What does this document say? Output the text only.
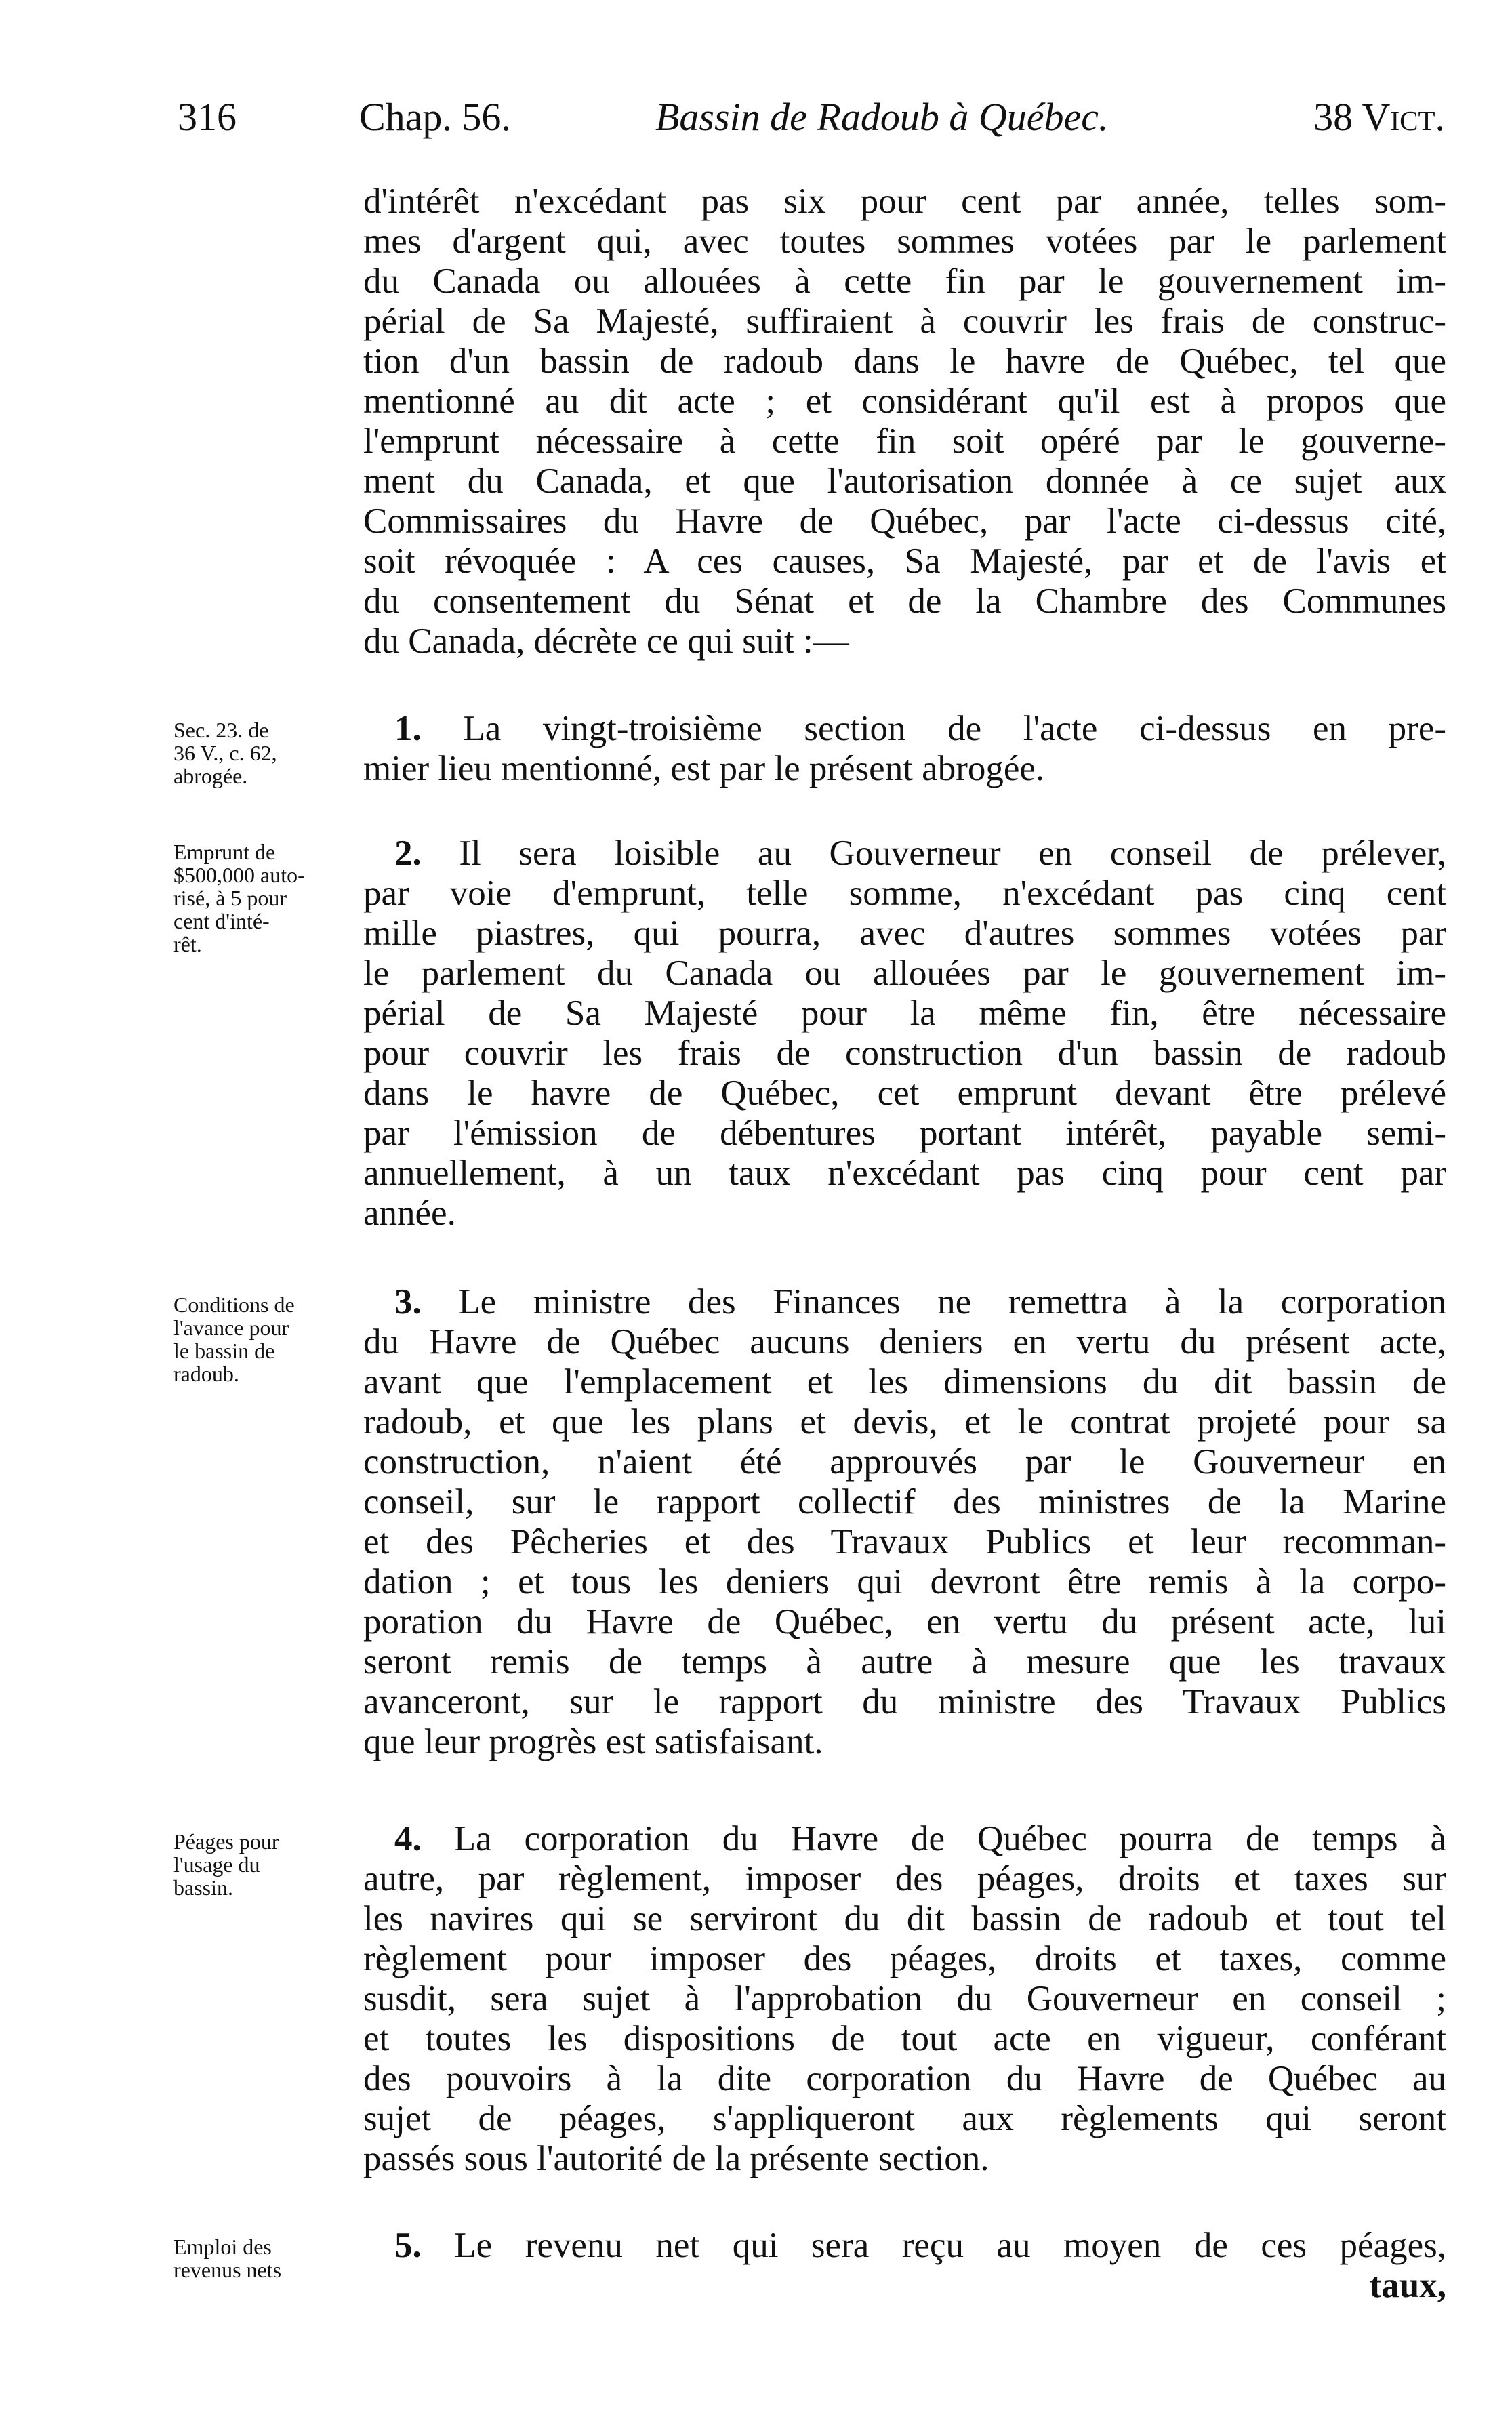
316	Chap. 56.	Bassin de Radoub à Québec.	38 Vict.
d'intérêt n'excédant pas six pour cent par année, telles som-
mes d'argent qui, avec toutes sommes votées par le parlement
du Canada ou allouées à cette fin par le gouvernement im-
périal de Sa Majesté, suffiraient à couvrir les frais de construc-
tion d'un bassin de radoub dans le havre de Québec, tel que
mentionné au dit acte ; et considérant qu'il est à propos que
l'emprunt nécessaire à cette fin soit opéré par le gouverne-
ment du Canada, et que l'autorisation donnée à ce sujet aux
Commissaires du Havre de Québec, par l'acte ci-dessus cité,
soit révoquée : A ces causes, Sa Majesté, par et de l'avis et
du consentement du Sénat et de la Chambre des Communes
du Canada, décrète ce qui suit :—
Sec. 23. de
36 V., c. 62,
abrogée.
1. La vingt-troisième section de l'acte ci-dessus en pre-
mier lieu mentionné, est par le présent abrogée.
Emprunt de
$500,000 auto-
risé, à 5 pour
cent d'inté-
rêt.
2. Il sera loisible au Gouverneur en conseil de prélever,
par voie d'emprunt, telle somme, n'excédant pas cinq cent
mille piastres, qui pourra, avec d'autres sommes votées par
le parlement du Canada ou allouées par le gouvernement im-
périal de Sa Majesté pour la même fin, être nécessaire
pour couvrir les frais de construction d'un bassin de radoub
dans le havre de Québec, cet emprunt devant être prélevé
par l'émission de débentures portant intérêt, payable semi-
annuellement, à un taux n'excédant pas cinq pour cent par
année.
Conditions de
l'avance pour
le bassin de
radoub.
3. Le ministre des Finances ne remettra à la corporation
du Havre de Québec aucuns deniers en vertu du présent acte,
avant que l'emplacement et les dimensions du dit bassin de
radoub, et que les plans et devis, et le contrat projeté pour sa
construction, n'aient été approuvés par le Gouverneur en
conseil, sur le rapport collectif des ministres de la Marine
et des Pêcheries et des Travaux Publics et leur recomman-
dation ; et tous les deniers qui devront être remis à la corpo-
poration du Havre de Québec, en vertu du présent acte, lui
seront remis de temps à autre à mesure que les travaux
avanceront, sur le rapport du ministre des Travaux Publics
que leur progrès est satisfaisant.
Péages pour
l'usage du
bassin.
4. La corporation du Havre de Québec pourra de temps à
autre, par règlement, imposer des péages, droits et taxes sur
les navires qui se serviront du dit bassin de radoub et tout tel
règlement pour imposer des péages, droits et taxes, comme
susdit, sera sujet à l'approbation du Gouverneur en conseil ;
et toutes les dispositions de tout acte en vigueur, conférant
des pouvoirs à la dite corporation du Havre de Québec au
sujet de péages, s'appliqueront aux règlements qui seront
passés sous l'autorité de la présente section.
Emploi des
revenus nets
5. Le revenu net qui sera reçu au moyen de ces péages,
taux,
